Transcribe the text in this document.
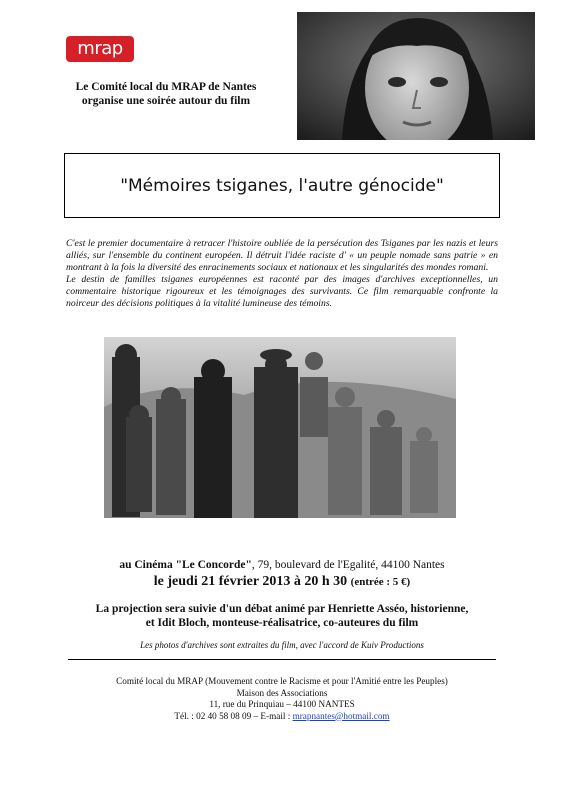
mrap
Le Comité local du MRAP de Nantes
organise une soirée autour du film
"Mémoires tsiganes, l'autre génocide"

C'est le premier documentaire à retracer l'histoire oubliée de la persécution des Tsiganes par les nazis et leurs alliés, sur l'ensemble du continent européen. Il détruit l'idée raciste d' « un peuple nomade sans patrie » en montrant à la fois la diversité des enracinements sociaux et nationaux et les singularités des mondes romani.

Le destin de familles tsiganes européennes est raconté par des images d'archives exceptionnelles, un commentaire historique rigoureux et les témoignages des survivants. Ce film remarquable confronte la noirceur des décisions politiques à la vitalité lumineuse des témoins.

au Cinéma "Le Concorde", 79, boulevard de l'Egalité, 44100 Nantes
le jeudi 21 février 2013 à 20 h 30 (entrée : 5 €)
La projection sera suivie d'un débat animé par Henriette Asséo, historienne,
et Idit Bloch, monteuse-réalisatrice, co-auteures du film
Les photos d'archives sont extraites du film, avec l'accord de Kuiv Productions
Comité local du MRAP (Mouvement contre le Racisme et pour l'Amitié entre les Peuples)
Maison des Associations
11, rue du Prinquiau – 44100 NANTES
Tél. : 02 40 58 08 09 – E-mail : mrapnantes@hotmail.com
